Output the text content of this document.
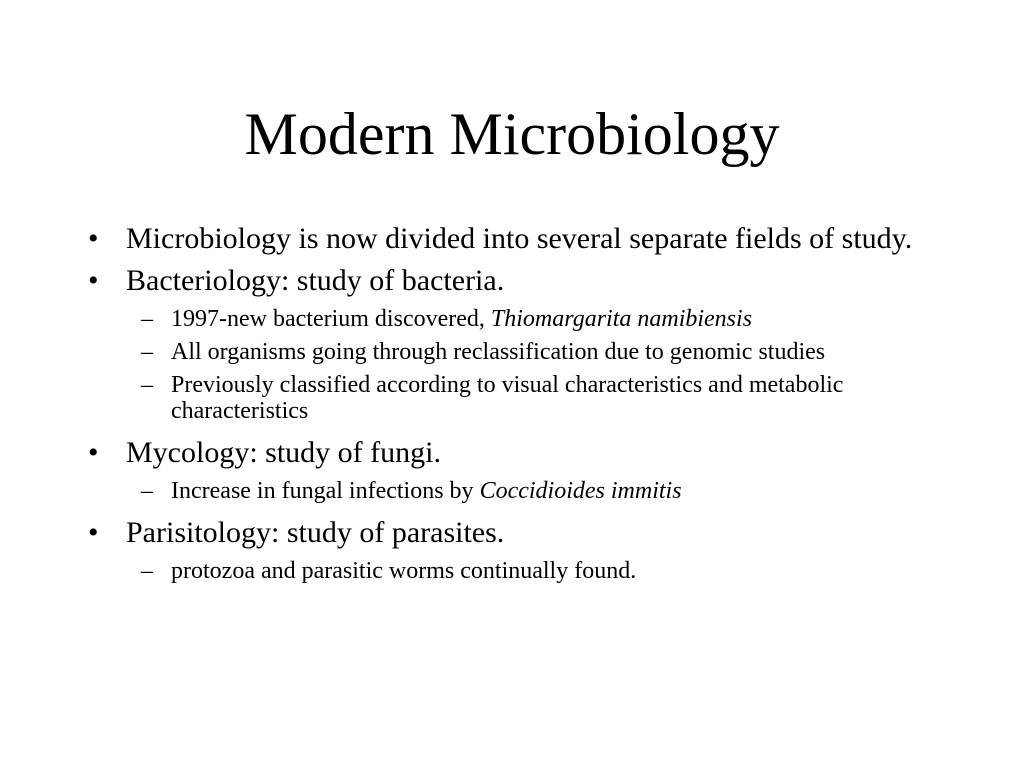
Modern Microbiology
• Microbiology is now divided into several separate fields of study.
• Bacteriology: study of bacteria.
– 1997-new bacterium discovered, Thiomargarita namibiensis
– All organisms going through reclassification due to genomic studies
– Previously classified according to visual characteristics and metabolic characteristics
• Mycology: study of fungi.
– Increase in fungal infections by Coccidioides immitis
• Parisitology: study of parasites.
– protozoa and parasitic worms continually found.
